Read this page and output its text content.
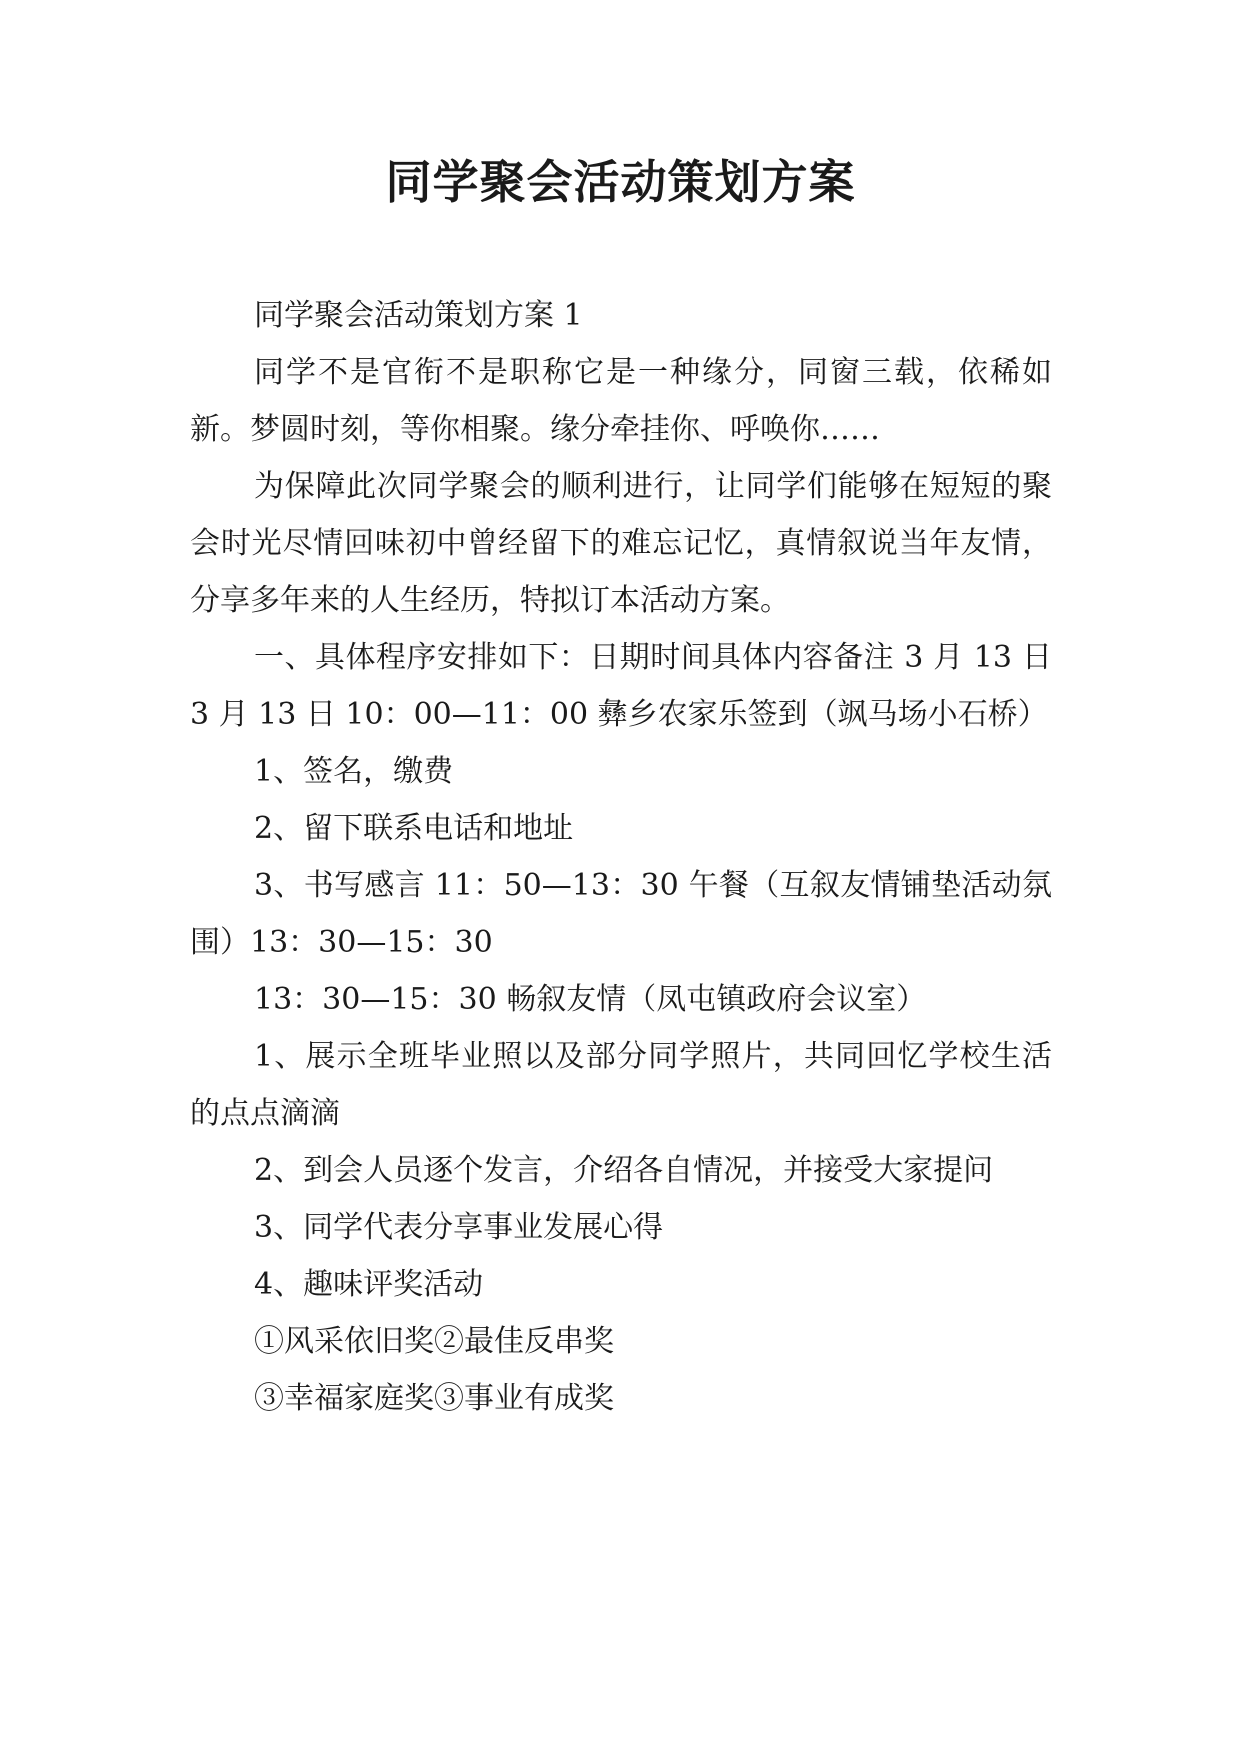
同学聚会活动策划方案

同学聚会活动策划方案 1

同学不是官衔不是职称它是一种缘分，同窗三载，依稀如新。梦圆时刻，等你相聚。缘分牵挂你、呼唤你……

为保障此次同学聚会的顺利进行，让同学们能够在短短的聚会时光尽情回味初中曾经留下的难忘记忆，真情叙说当年友情，分享多年来的人生经历，特拟订本活动方案。

一、具体程序安排如下：日期时间具体内容备注 3 月 13 日 3 月 13 日 10：00—11：00 彝乡农家乐签到（飒马场小石桥）

1、签名，缴费

2、留下联系电话和地址

3、书写感言 11：50—13：30 午餐（互叙友情铺垫活动氛围）13：30—15：30

13：30—15：30 畅叙友情（凤屯镇政府会议室）

1、展示全班毕业照以及部分同学照片，共同回忆学校生活的点点滴滴

2、到会人员逐个发言，介绍各自情况，并接受大家提问

3、同学代表分享事业发展心得

4、趣味评奖活动

①风采依旧奖②最佳反串奖

③幸福家庭奖③事业有成奖
